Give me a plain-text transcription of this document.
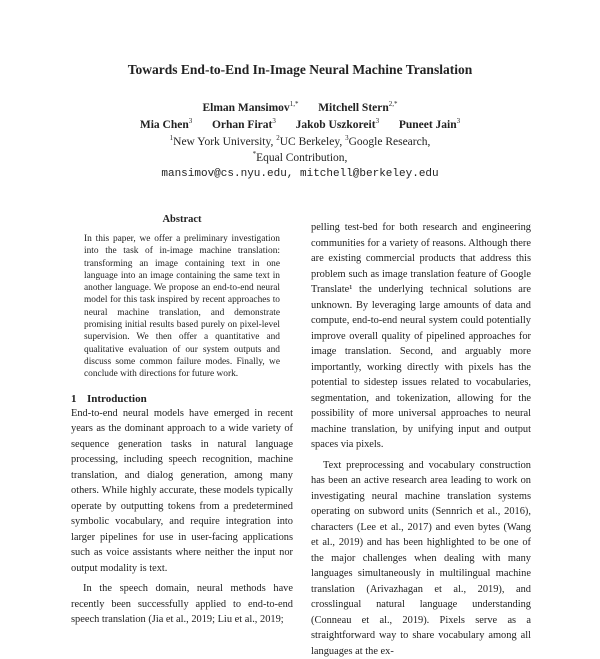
Towards End-to-End In-Image Neural Machine Translation
Elman Mansimov$^{1,*}$ Mitchell Stern$^{2,*}$
Mia Chen$^3$ Orhan Firat$^3$ Jakob Uszkoreit$^3$ Puneet Jain$^3$
$^1$New York University, $^2$UC Berkeley, $^3$Google Research,
*Equal Contribution,
mansimov@cs.nyu.edu, mitchell@berkeley.edu
Abstract
In this paper, we offer a preliminary investigation into the task of in-image machine translation: transforming an image containing text in one language into an image containing the same text in another language. We propose an end-to-end neural model for this task inspired by recent approaches to neural machine translation, and demonstrate promising initial results based purely on pixel-level supervision. We then offer a quantitative and qualitative evaluation of our system outputs and discuss some common failure modes. Finally, we conclude with directions for future work.
1 Introduction

End-to-end neural models have emerged in recent years as the dominant approach to a wide variety of sequence generation tasks in natural language processing, including speech recognition, machine translation, and dialog generation, among many others. While highly accurate, these models typically operate by outputting tokens from a predetermined symbolic vocabulary, and require integration into larger pipelines for use in user-facing applications such as voice assistants where neither the input nor output modality is text.

In the speech domain, neural methods have recently been successfully applied to end-to-end speech translation (Jia et al., 2019; Liu et al., 2019;

pelling test-bed for both research and engineering communities for a variety of reasons. Although there are existing commercial products that address this problem such as image translation feature of Google Translate¹ the underlying technical solutions are unknown. By leveraging large amounts of data and compute, end-to-end neural system could potentially improve overall quality of pipelined approaches for image translation. Second, and arguably more importantly, working directly with pixels has the potential to sidestep issues related to vocabularies, segmentation, and tokenization, allowing for the possibility of more universal approaches to neural machine translation, by unifying input and output spaces via pixels.

Text preprocessing and vocabulary construction has been an active research area leading to work on investigating neural machine translation systems operating on subword units (Sennrich et al., 2016), characters (Lee et al., 2017) and even bytes (Wang et al., 2019) and has been highlighted to be one of the major challenges when dealing with many languages simultaneously in multilingual machine translation (Arivazhagan et al., 2019), and crosslingual natural language understanding (Conneau et al., 2019). Pixels serve as a straightforward way to share vocabulary among all languages at the ex-
